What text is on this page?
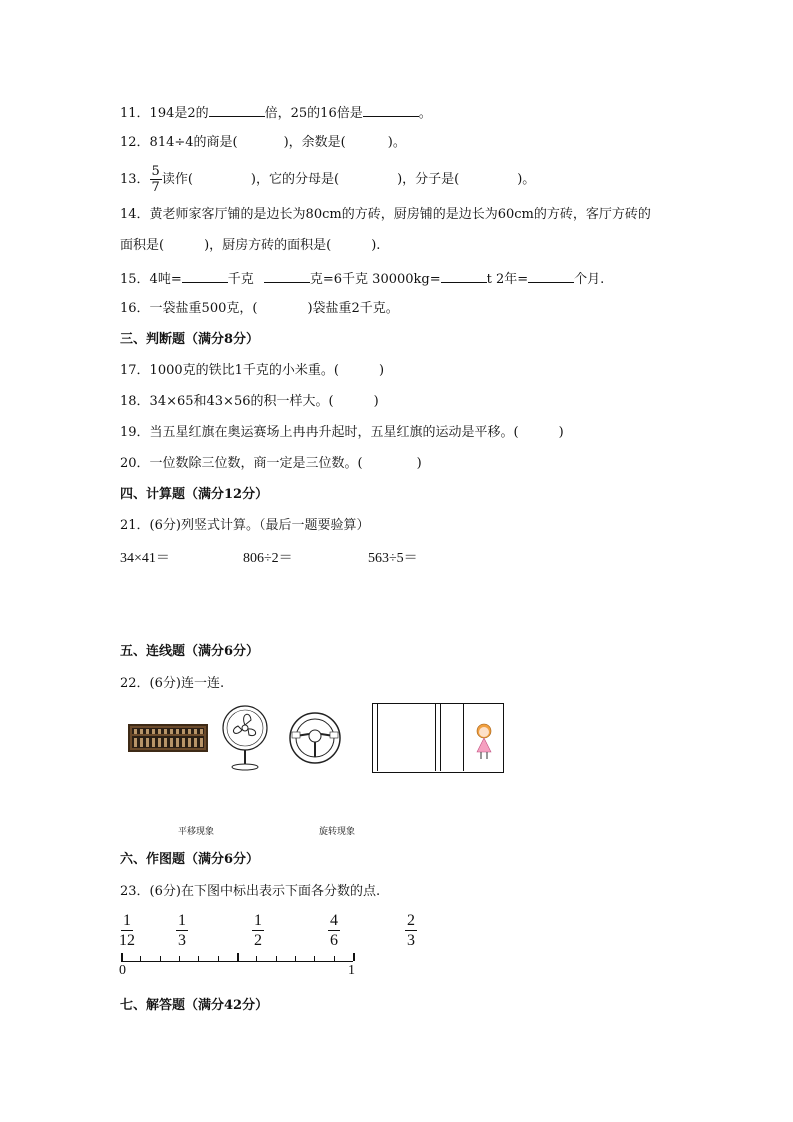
11．194是2的	倍，25的16倍是	。
12．814÷4的商是(	)，余数是(	)。
13． $\frac{5}{7}$ 读作(	)，它的分母是(	)，分子是(	)。
14．黄老师家客厅铺的是边长为80cm的方砖，厨房铺的是边长为60cm的方砖，客厅方砖的
面积是(	)，厨房方砖的面积是(	).
15．4吨=	千克	克=6千克 30000kg=	t 2年=	个月.
16．一袋盐重500克，(	)袋盐重2千克。
三、判断题（满分8分）
17．1000克的铁比1千克的小米重。(	)
18．34×65和43×56的积一样大。(	)
19．当五星红旗在奥运赛场上冉冉升起时，五星红旗的运动是平移。(	)
20．一位数除三位数，商一定是三位数。(	)
四、计算题（满分12分）
21．(6分)列竖式计算。（最后一题要验算）
34×41＝	806÷2＝	563÷5＝
五、连线题（满分6分）
22．(6分)连一连.
平移现象	旋转现象
六、作图题（满分6分）
23．(6分)在下图中标出表示下面各分数的点.
1
12
1
3
1
2
4
6
2
3
0	1
七、解答题（满分42分）
